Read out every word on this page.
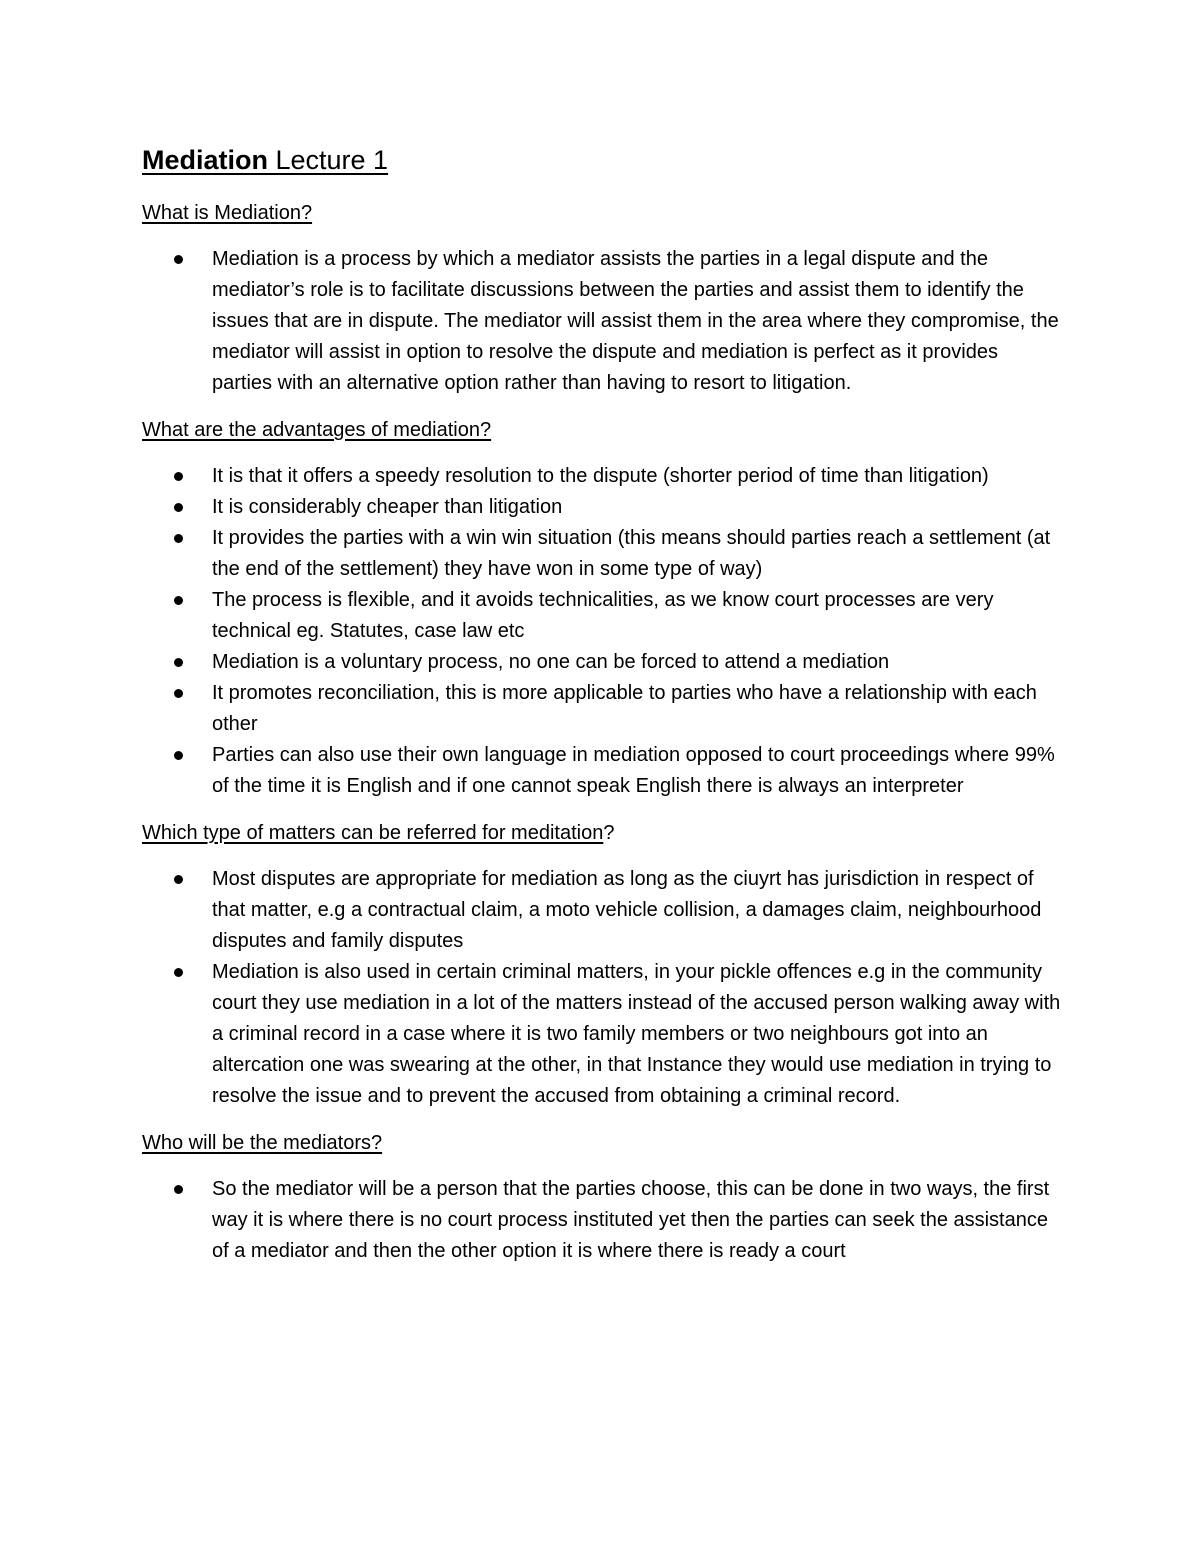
Mediation Lecture 1
What is Mediation?
Mediation is a process by which a mediator assists the parties in a legal dispute and the mediator’s role is to facilitate discussions between the parties and assist them to identify the issues that are in dispute. The mediator will assist them in the area where they compromise, the mediator will assist in option to resolve the dispute and mediation is perfect as it provides parties with an alternative option rather than having to resort to litigation.
What are the advantages of mediation?
It is that it offers a speedy resolution to the dispute (shorter period of time than litigation)
It is considerably cheaper than litigation
It provides the parties with a win win situation (this means should parties reach a settlement (at the end of the settlement) they have won in some type of way)
The process is flexible, and it avoids technicalities, as we know court processes are very technical eg. Statutes, case law etc
Mediation is a voluntary process, no one can be forced to attend a mediation
It promotes reconciliation, this is more applicable to parties who have a relationship with each other
Parties can also use their own language in mediation opposed to court proceedings where 99% of the time it is English and if one cannot speak English there is always an interpreter
Which type of matters can be referred for meditation?
Most disputes are appropriate for mediation as long as the ciuyrt has jurisdiction in respect of that matter, e.g a contractual claim, a moto vehicle collision, a damages claim, neighbourhood disputes and family disputes
Mediation is also used in certain criminal matters, in your pickle offences e.g in the community court they use mediation in a lot of the matters instead of the accused person walking away with a criminal record in a case where it is two family members or two neighbours got into an altercation one was swearing at the other, in that Instance they would use mediation in trying to resolve the issue and to prevent the accused from obtaining a criminal record.
Who will be the mediators?
So the mediator will be a person that the parties choose, this can be done in two ways, the first way it is where there is no court process instituted yet then the parties can seek the assistance of a mediator and then the other option it is where there is ready a court
